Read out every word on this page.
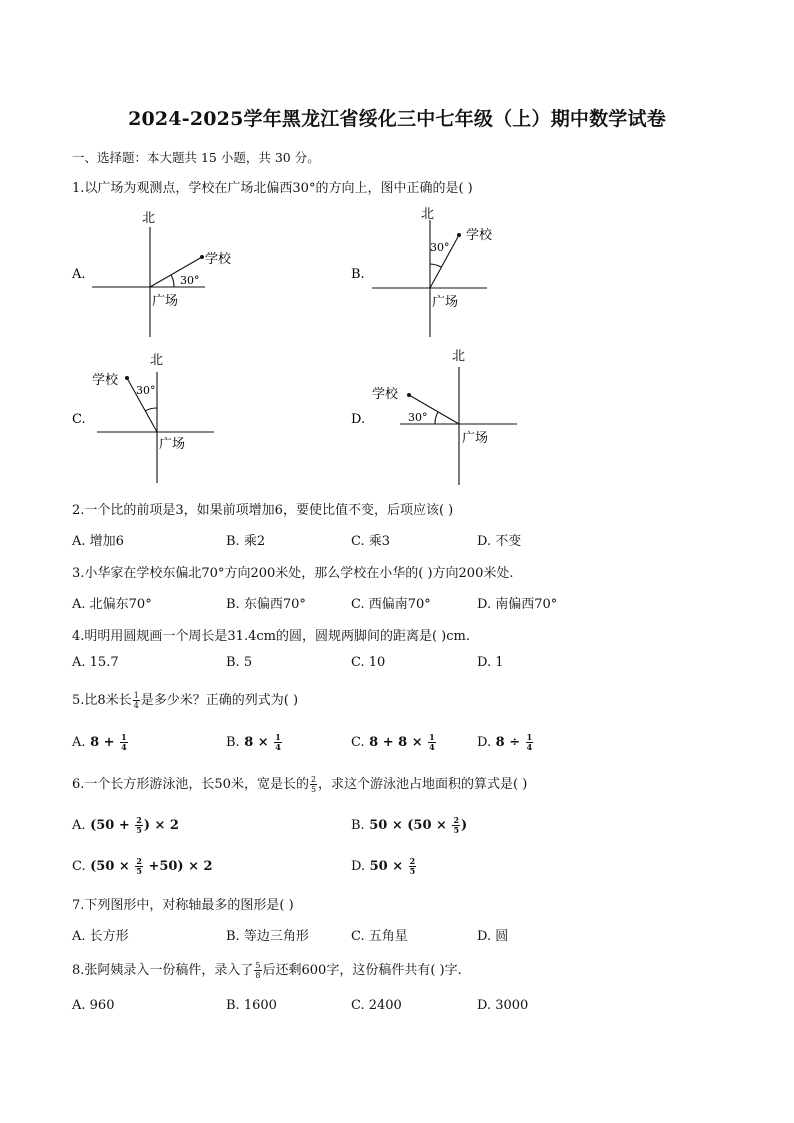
2024-2025学年黑龙江省绥化三中七年级（上）期中数学试卷
一、选择题：本大题共 15 小题，共 30 分。
1.以广场为观测点，学校在广场北偏西30°的方向上，图中正确的是( )
A.
北
学校
30°
广场
B.
北
学校
30°
广场
C.
北
学校
30°
广场
D.
北
学校
30°
广场
2.一个比的前项是3，如果前项增加6，要使比值不变，后项应该( )
A. 增加6	B. 乘2	C. 乘3	D. 不变
3.小华家在学校东偏北70°方向200米处，那么学校在小华的( )方向200米处.
A. 北偏东70°	B. 东偏西70°	C. 西偏南70°	D. 南偏西70°
4.明明用圆规画一个周长是31.4cm的圆，圆规两脚间的距离是( )cm.
A. 15.7	B. 5	C. 10	D. 1
5.比8米长 $\frac{1}{4}$ 是多少米？正确的列式为( )
A. $8 + \frac{1}{4}$	B. $8 \times \frac{1}{4}$	C. $8 + 8 \times \frac{1}{4}$	D. $8 \div \frac{1}{4}$
6.一个长方形游泳池，长50米，宽是长的 $\frac{2}{5}$ ，求这个游泳池占地面积的算式是( )
A. ($50 + \frac{2}{5}$ ) × 2	B. $50 \times (50 \times \frac{2}{5}$ )
C. $(50 \times \frac{2}{5} +50) \times 2$	D. $50 \times \frac{2}{5}$
7.下列图形中，对称轴最多的图形是( )
A. 长方形	B. 等边三角形	C. 五角星	D. 圆
8.张阿姨录入一份稿件，录入了 $\frac{5}{8}$ 后还剩600字，这份稿件共有( )字.
A. 960	B. 1600	C. 2400	D. 3000
